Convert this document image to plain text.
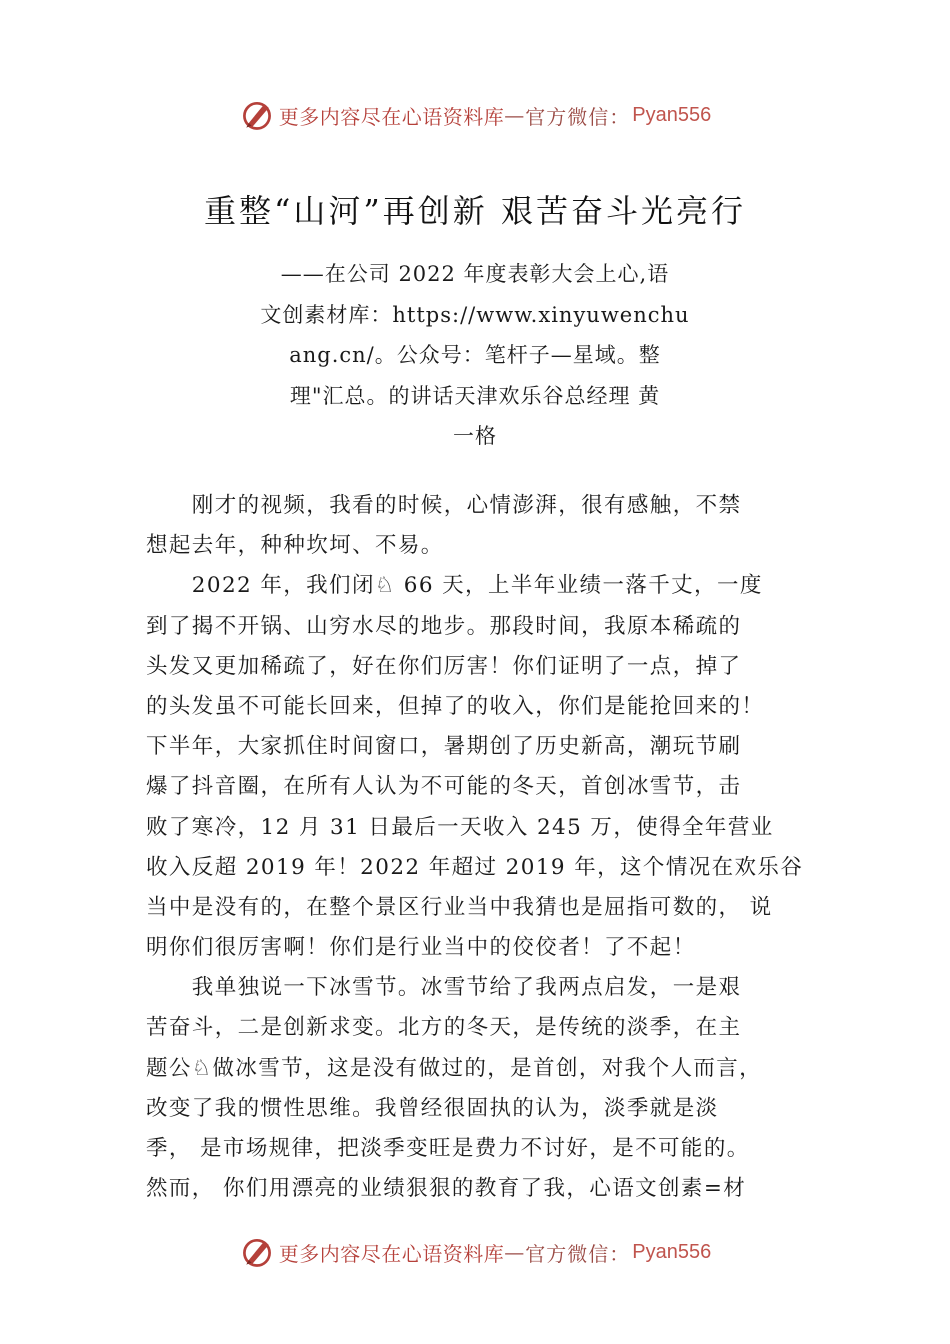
更多内容尽在心语资料库 — 官方微信： Pyan556
重整“山河”再创新 艰苦奋斗光亮行
——在公司 2022 年度表彰大会上心,语
文创素材库：https://www.xinyuwenchu
ang.cn/。公众号：笔杆子—星域。整
理"汇总。的讲话天津欢乐谷总经理 黄
一格
　　刚才的视频，我看的时候，心情澎湃，很有感触，不禁
想起去年，种种坎坷、不易。
　　2022 年，我们闭♘ 66 天，上半年业绩一落千丈，一度
到了揭不开锅、山穷水尽的地步。那段时间，我原本稀疏的
头发又更加稀疏了，好在你们厉害！你们证明了一点，掉了
的头发虽不可能长回来，但掉了的收入，你们是能抢回来的！
下半年，大家抓住时间窗口，暑期创了历史新高，潮玩节刷
爆了抖音圈，在所有人认为不可能的冬天，首创冰雪节，击
败了寒冷，12 月 31 日最后一天收入 245 万，使得全年营业
收入反超 2019 年！2022 年超过 2019 年，这个情况在欢乐谷
当中是没有的，在整个景区行业当中我猜也是屈指可数的， 说
明你们很厉害啊！你们是行业当中的佼佼者！了不起！
　　我单独说一下冰雪节。冰雪节给了我两点启发，一是艰
苦奋斗，二是创新求变。北方的冬天，是传统的淡季，在主
题公♘做冰雪节，这是没有做过的，是首创，对我个人而言，
改变了我的惯性思维。我曾经很固执的认为，淡季就是淡
季， 是市场规律，把淡季变旺是费力不讨好，是不可能的。
然而， 你们用漂亮的业绩狠狠的教育了我，心语文创素=材
更多内容尽在心语资料库 — 官方微信： Pyan556
